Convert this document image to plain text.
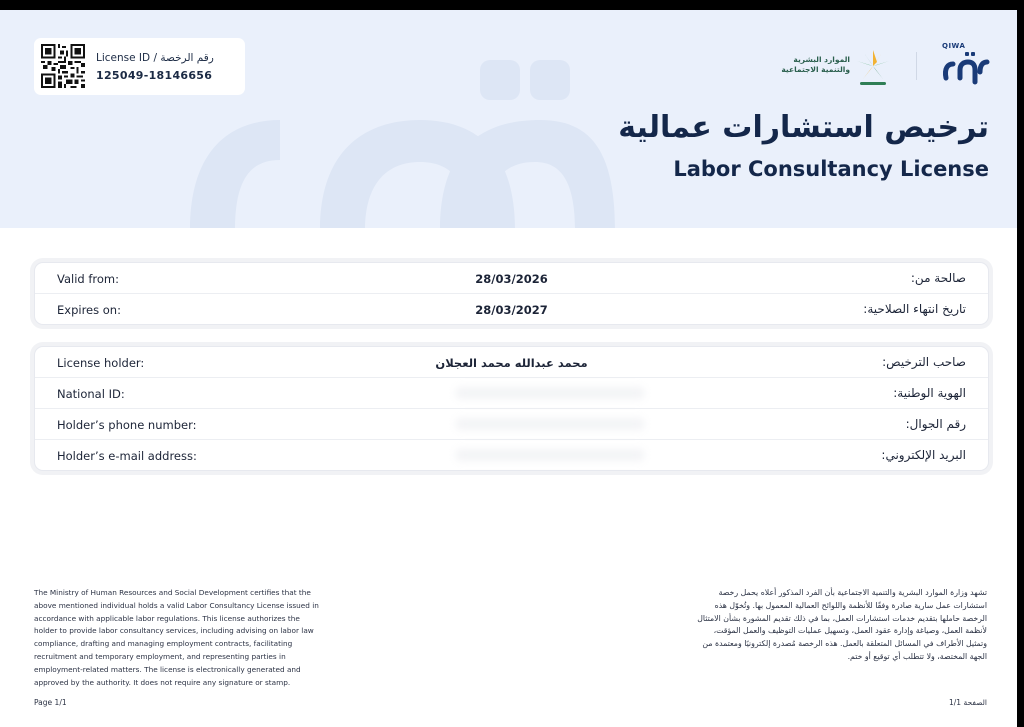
License ID / رقم الرخصة
125049-18146656
الموارد البشرية
والتنمية الاجتماعية
QIWA
ترخيص استشارات عمالية
Labor Consultancy License
Valid from:	28/03/2026	صالحة من:
Expires on:	28/03/2027	تاريخ انتهاء الصلاحية:
License holder:	محمد عبدالله محمد العجلان	صاحب الترخيص:
National ID:	الهوية الوطنية:
Holder’s phone number:	رقم الجوال:
Holder’s e-mail address:	البريد الإلكتروني:
The Ministry of Human Resources and Social Development certifies that the above mentioned individual holds a valid Labor Consultancy License issued in accordance with applicable labor regulations. This license authorizes the holder to provide labor consultancy services, including advising on labor law compliance, drafting and managing employment contracts, facilitating recruitment and temporary employment, and representing parties in employment-related matters. The license is electronically generated and approved by the authority. It does not require any signature or stamp.
تشهد وزارة الموارد البشرية والتنمية الاجتماعية بأن الفرد المذكور أعلاه يحمل رخصة استشارات عمل سارية صادرة وفقًا للأنظمة واللوائح العمالية المعمول بها. وتُخوّل هذه الرخصة حاملها بتقديم خدمات استشارات العمل، بما في ذلك تقديم المشورة بشأن الامتثال لأنظمة العمل، وصياغة وإدارة عقود العمل، وتسهيل عمليات التوظيف والعمل المؤقت، وتمثيل الأطراف في المسائل المتعلقة بالعمل. هذه الرخصة مُصدرة إلكترونيًا ومعتمدة من الجهة المختصة، ولا تتطلب أي توقيع أو ختم.
Page 1/1	الصفحة 1/1
